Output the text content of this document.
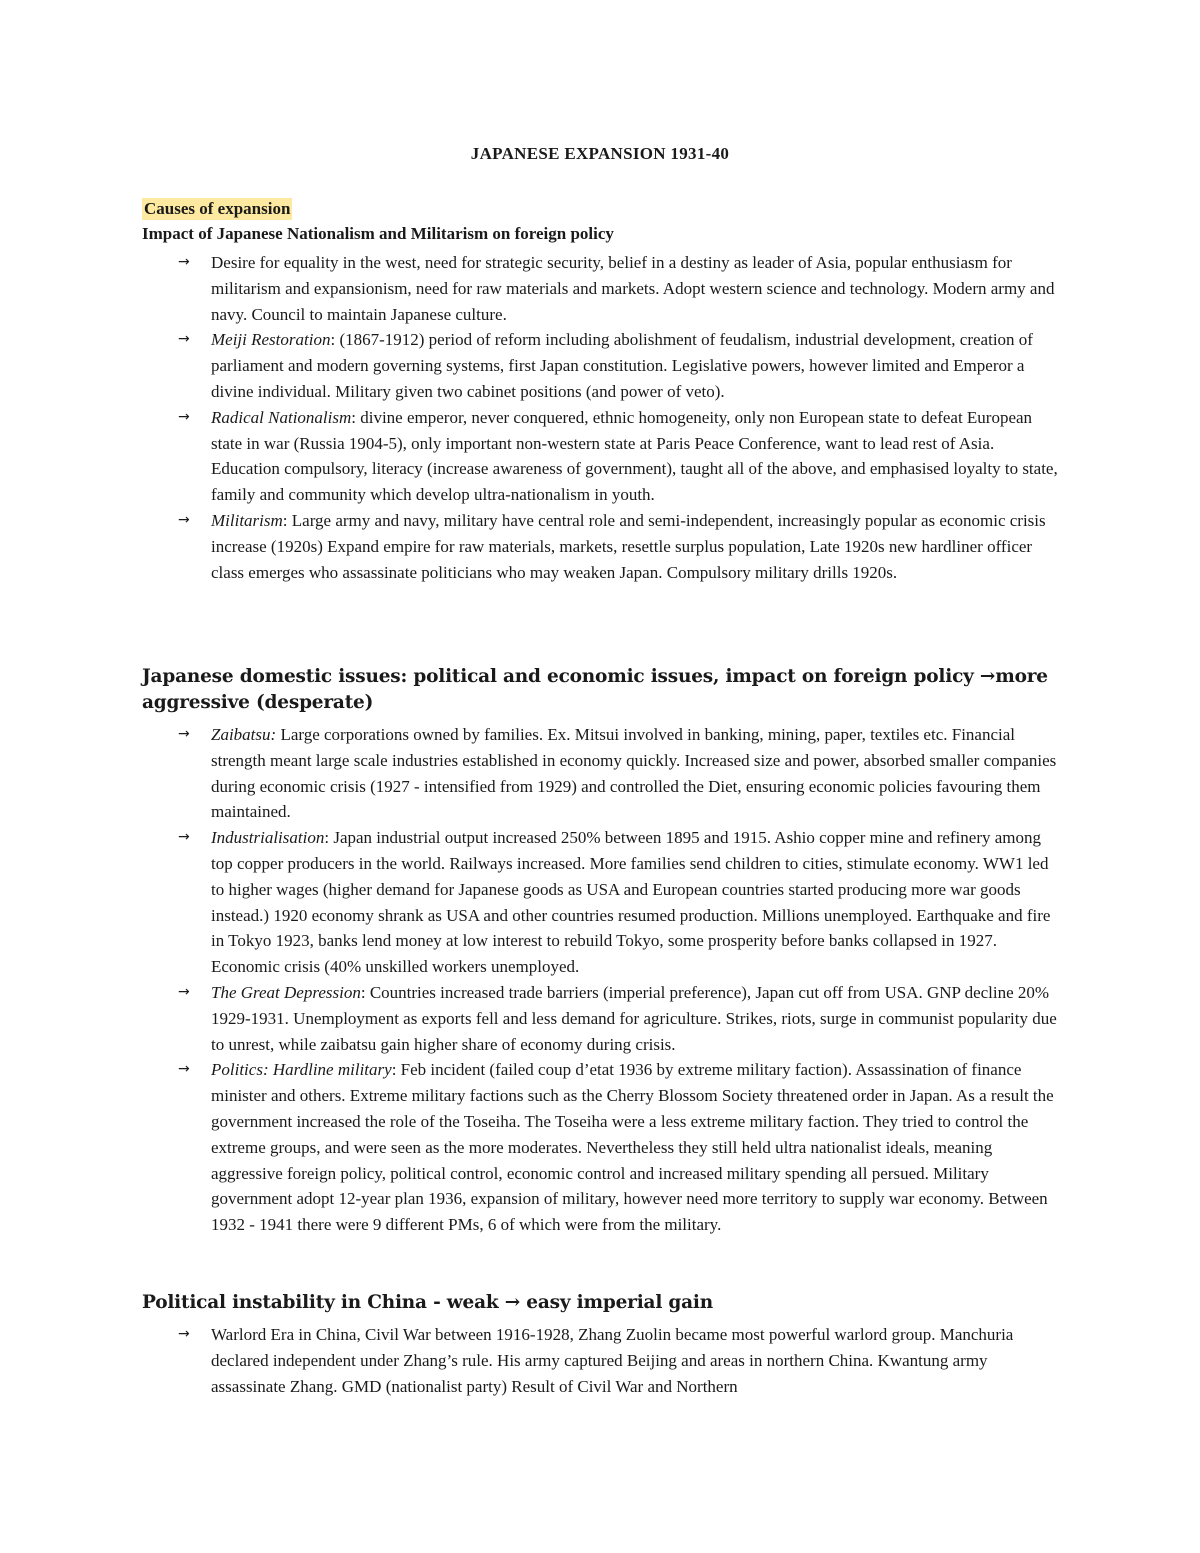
JAPANESE EXPANSION 1931-40
Causes of expansion
Impact of Japanese Nationalism and Militarism on foreign policy
→ Desire for equality in the west, need for strategic security, belief in a destiny as leader of Asia, popular enthusiasm for militarism and expansionism, need for raw materials and markets. Adopt western science and technology. Modern army and navy. Council to maintain Japanese culture.
→ Meiji Restoration: (1867-1912) period of reform including abolishment of feudalism, industrial development, creation of parliament and modern governing systems, first Japan constitution. Legislative powers, however limited and Emperor a divine individual. Military given two cabinet positions (and power of veto).
→ Radical Nationalism: divine emperor, never conquered, ethnic homogeneity, only non European state to defeat European state in war (Russia 1904-5), only important non-western state at Paris Peace Conference, want to lead rest of Asia. Education compulsory, literacy (increase awareness of government), taught all of the above, and emphasised loyalty to state, family and community which develop ultra-nationalism in youth.
→ Militarism: Large army and navy, military have central role and semi-independent, increasingly popular as economic crisis increase (1920s) Expand empire for raw materials, markets, resettle surplus population, Late 1920s new hardliner officer class emerges who assassinate politicians who may weaken Japan. Compulsory military drills 1920s.
Japanese domestic issues: political and economic issues, impact on foreign policy →more aggressive (desperate)
→ Zaibatsu: Large corporations owned by families. Ex. Mitsui involved in banking, mining, paper, textiles etc. Financial strength meant large scale industries established in economy quickly. Increased size and power, absorbed smaller companies during economic crisis (1927 - intensified from 1929) and controlled the Diet, ensuring economic policies favouring them maintained.
→ Industrialisation: Japan industrial output increased 250% between 1895 and 1915. Ashio copper mine and refinery among top copper producers in the world. Railways increased. More families send children to cities, stimulate economy. WW1 led to higher wages (higher demand for Japanese goods as USA and European countries started producing more war goods instead.) 1920 economy shrank as USA and other countries resumed production. Millions unemployed. Earthquake and fire in Tokyo 1923, banks lend money at low interest to rebuild Tokyo, some prosperity before banks collapsed in 1927. Economic crisis (40% unskilled workers unemployed.
→ The Great Depression: Countries increased trade barriers (imperial preference), Japan cut off from USA. GNP decline 20% 1929-1931. Unemployment as exports fell and less demand for agriculture. Strikes, riots, surge in communist popularity due to unrest, while zaibatsu gain higher share of economy during crisis.
→ Politics: Hardline military: Feb incident (failed coup d’etat 1936 by extreme military faction). Assassination of finance minister and others. Extreme military factions such as the Cherry Blossom Society threatened order in Japan. As a result the government increased the role of the Toseiha. The Toseiha were a less extreme military faction. They tried to control the extreme groups, and were seen as the more moderates. Nevertheless they still held ultra nationalist ideals, meaning aggressive foreign policy, political control, economic control and increased military spending all persued. Military government adopt 12-year plan 1936, expansion of military, however need more territory to supply war economy. Between 1932 - 1941 there were 9 different PMs, 6 of which were from the military.
Political instability in China - weak → easy imperial gain
→ Warlord Era in China, Civil War between 1916-1928, Zhang Zuolin became most powerful warlord group. Manchuria declared independent under Zhang’s rule. His army captured Beijing and areas in northern China. Kwantung army assassinate Zhang. GMD (nationalist party) Result of Civil War and Northern
